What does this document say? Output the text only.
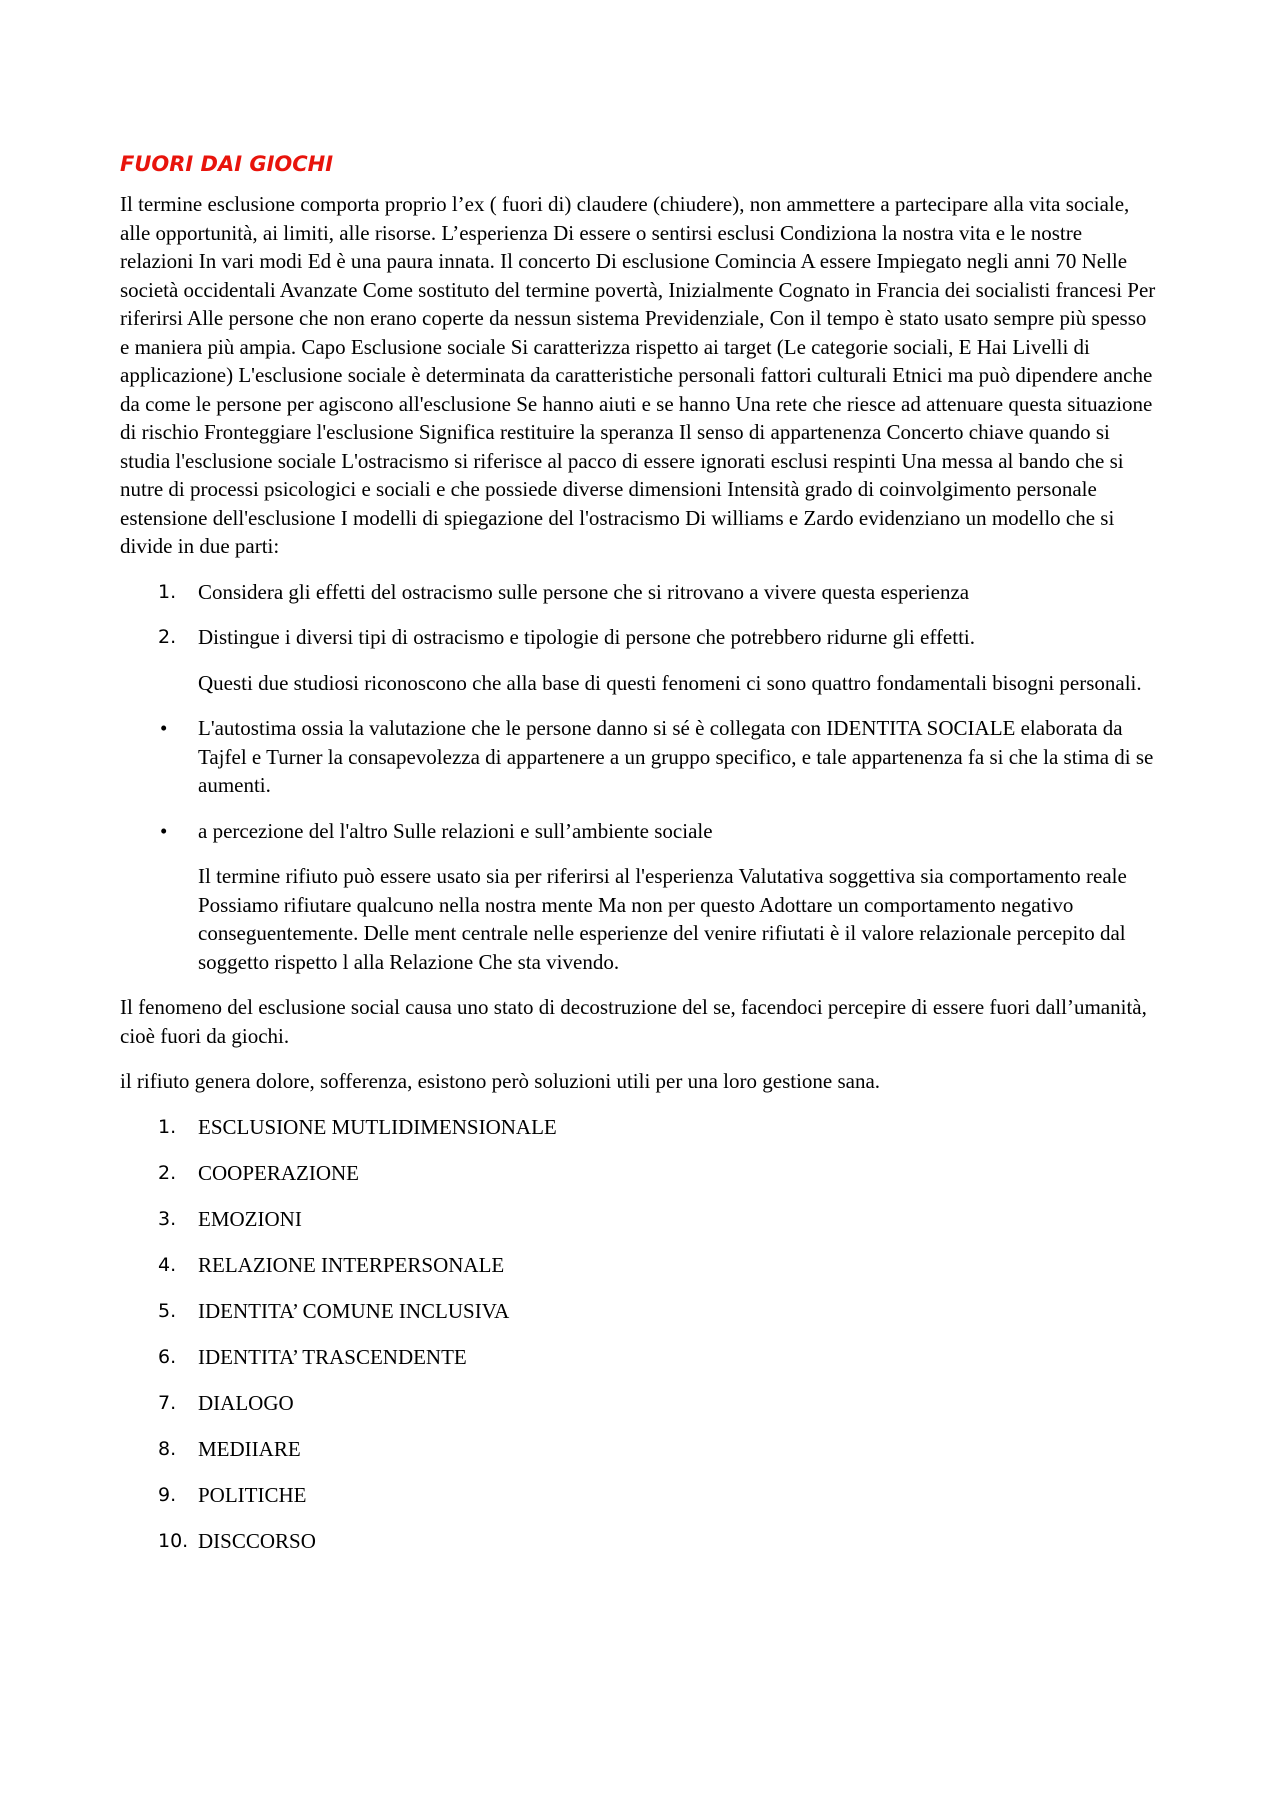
FUORI DAI GIOCHI

Il termine esclusione comporta proprio l’ex ( fuori di) claudere (chiudere), non ammettere a partecipare alla vita sociale, alle opportunità, ai limiti, alle risorse. L’esperienza Di essere o sentirsi esclusi Condiziona la nostra vita e le nostre relazioni In vari modi Ed è una paura innata. Il concerto Di esclusione Comincia A essere Impiegato negli anni 70 Nelle società occidentali Avanzate Come sostituto del termine povertà, Inizialmente Cognato in Francia dei socialisti francesi Per riferirsi Alle persone che non erano coperte da nessun sistema Previdenziale, Con il tempo è stato usato sempre più spesso e maniera più ampia. Capo Esclusione sociale Si caratterizza rispetto ai target (Le categorie sociali, E Hai Livelli di applicazione) L'esclusione sociale è determinata da caratteristiche personali fattori culturali Etnici ma può dipendere anche da come le persone per agiscono all'esclusione Se hanno aiuti e se hanno Una rete che riesce ad attenuare questa situazione di rischio Fronteggiare l'esclusione Significa restituire la speranza Il senso di appartenenza Concerto chiave quando si studia l'esclusione sociale L'ostracismo si riferisce al pacco di essere ignorati esclusi respinti Una messa al bando che si nutre di processi psicologici e sociali e che possiede diverse dimensioni Intensità grado di coinvolgimento personale estensione dell'esclusione I modelli di spiegazione del l'ostracismo Di williams e Zardo evidenziano un modello che si divide in due parti:

1. Considera gli effetti del ostracismo sulle persone che si ritrovano a vivere questa esperienza
2. Distingue i diversi tipi di ostracismo e tipologie di persone che potrebbero ridurne gli effetti.

Questi due studiosi riconoscono che alla base di questi fenomeni ci sono quattro fondamentali bisogni personali.

• L'autostima ossia la valutazione che le persone danno si sé è collegata con IDENTITA SOCIALE elaborata da Tajfel e Turner la consapevolezza di appartenere a un gruppo specifico, e tale appartenenza fa si che la stima di se aumenti.
• a percezione del l'altro Sulle relazioni e sull’ambiente sociale

Il termine rifiuto può essere usato sia per riferirsi al l'esperienza Valutativa soggettiva sia comportamento reale Possiamo rifiutare qualcuno nella nostra mente Ma non per questo Adottare un comportamento negativo conseguentemente. Delle ment centrale nelle esperienze del venire rifiutati è il valore relazionale percepito dal soggetto rispetto l alla Relazione Che sta vivendo.

Il fenomeno del esclusione social causa uno stato di decostruzione del se, facendoci percepire di essere fuori dall’umanità, cioè fuori da giochi.

il rifiuto genera dolore, sofferenza, esistono però soluzioni utili per una loro gestione sana.

1. ESCLUSIONE MUTLIDIMENSIONALE
2. COOPERAZIONE
3. EMOZIONI
4. RELAZIONE INTERPERSONALE
5. IDENTITA’ COMUNE INCLUSIVA
6. IDENTITA’ TRASCENDENTE
7. DIALOGO
8. MEDIIARE
9. POLITICHE
10. DISCCORSO
